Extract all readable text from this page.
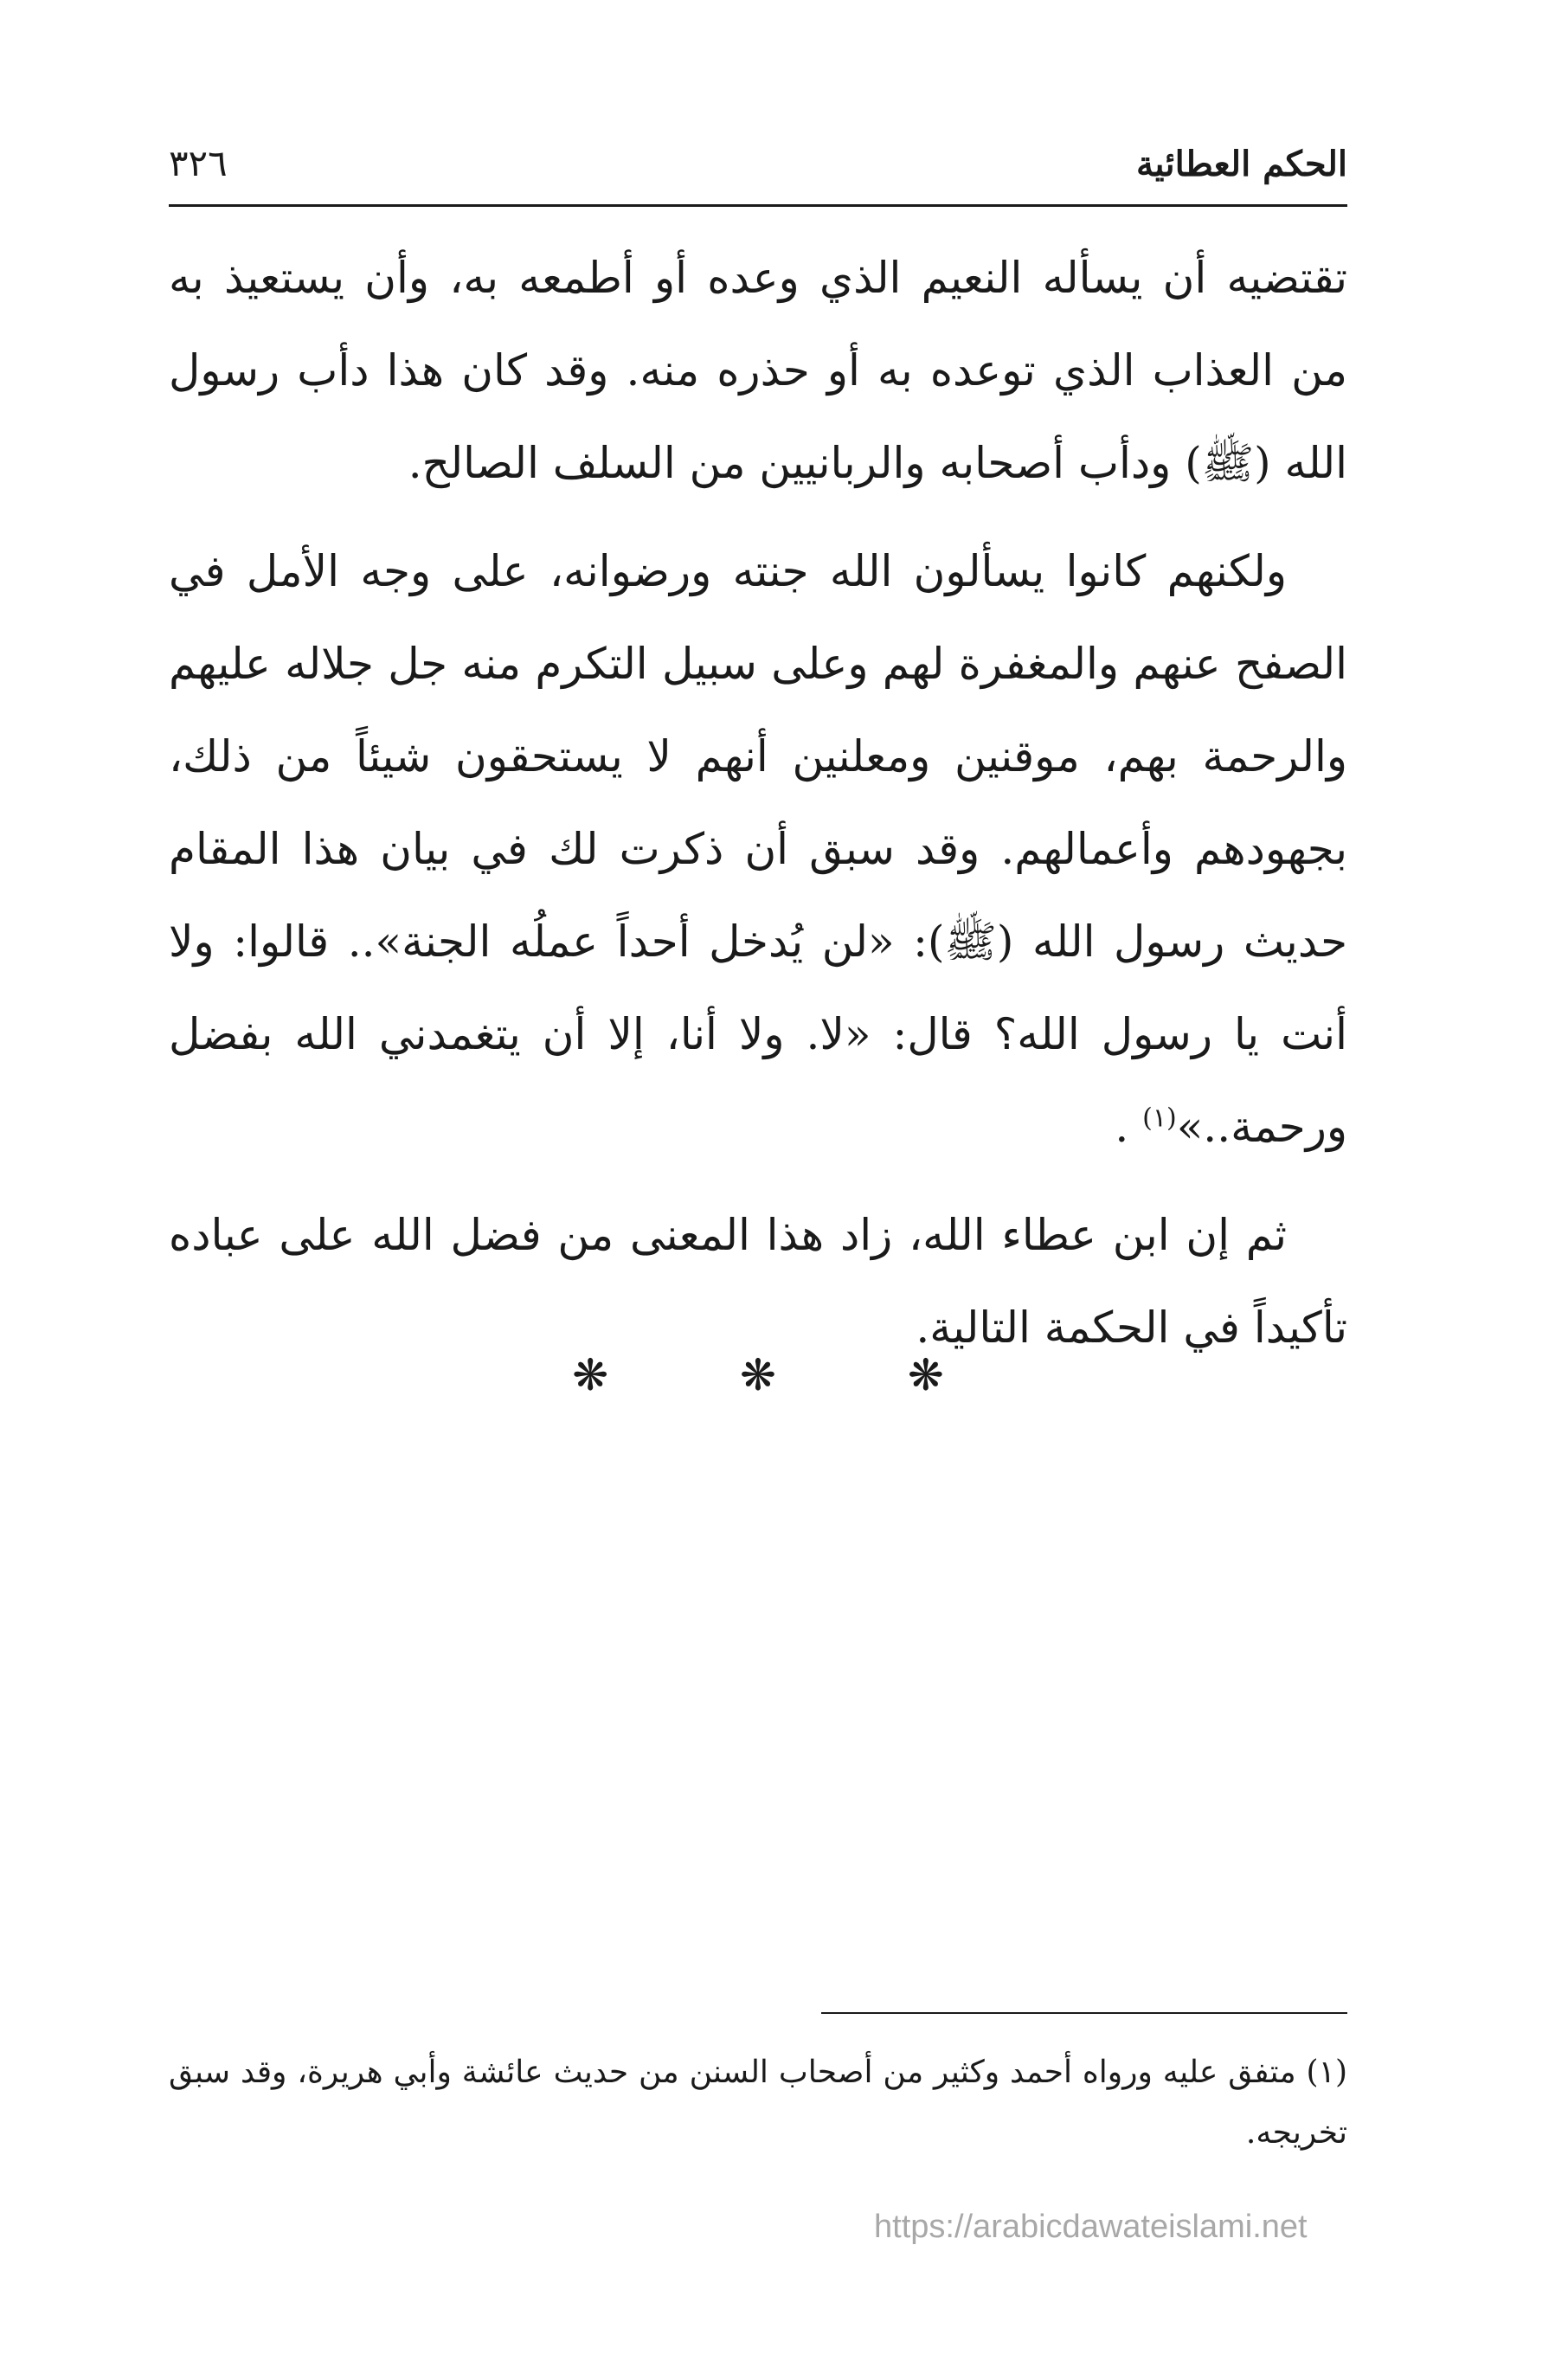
الحكم العطائية
٣٢٦

تقتضيه أن يسأله النعيم الذي وعده أو أطمعه به، وأن يستعيذ به من العذاب الذي توعده به أو حذره منه. وقد كان هذا دأب رسول الله (ﷺ) ودأب أصحابه والربانيين من السلف الصالح.

ولكنهم كانوا يسألون الله جنته ورضوانه، على وجه الأمل في الصفح عنهم والمغفرة لهم وعلى سبيل التكرم منه جل جلاله عليهم والرحمة بهم، موقنين ومعلنين أنهم لا يستحقون شيئاً من ذلك، بجهودهم وأعمالهم. وقد سبق أن ذكرت لك في بيان هذا المقام حديث رسول الله (ﷺ): «لن يُدخل أحداً عملُه الجنة».. قالوا: ولا أنت يا رسول الله؟ قال: «لا. ولا أنا، إلا أن يتغمدني الله بفضل ورحمة..»$^{(١)}$ .

ثم إن ابن عطاء الله، زاد هذا المعنى من فضل الله على عباده تأكيداً في الحكمة التالية.

❋	❋	❋

(١) متفق عليه ورواه أحمد وكثير من أصحاب السنن من حديث عائشة وأبي هريرة، وقد سبق تخريجه.

https://arabicdawateislami.net
